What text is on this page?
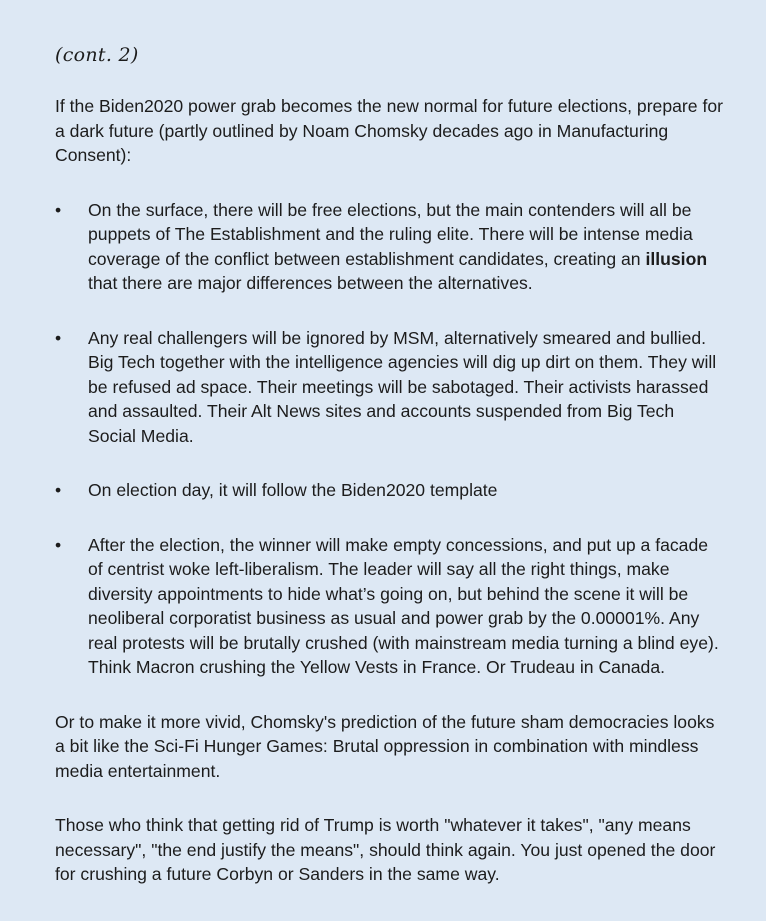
(cont. 2)

If the Biden2020 power grab becomes the new normal for future elections, prepare for a dark future (partly outlined by Noam Chomsky decades ago in Manufacturing Consent):

• On the surface, there will be free elections, but the main contenders will all be puppets of The Establishment and the ruling elite. There will be intense media coverage of the conflict between establishment candidates, creating an illusion that there are major differences between the alternatives.
• Any real challengers will be ignored by MSM, alternatively smeared and bullied. Big Tech together with the intelligence agencies will dig up dirt on them. They will be refused ad space. Their meetings will be sabotaged. Their activists harassed and assaulted. Their Alt News sites and accounts suspended from Big Tech Social Media.
• On election day, it will follow the Biden2020 template
• After the election, the winner will make empty concessions, and put up a facade of centrist woke left-liberalism. The leader will say all the right things, make diversity appointments to hide what’s going on, but behind the scene it will be neoliberal corporatist business as usual and power grab by the 0.00001%. Any real protests will be brutally crushed (with mainstream media turning a blind eye). Think Macron crushing the Yellow Vests in France. Or Trudeau in Canada.

Or to make it more vivid, Chomsky's prediction of the future sham democracies looks a bit like the Sci-Fi Hunger Games: Brutal oppression in combination with mindless media entertainment.

Those who think that getting rid of Trump is worth "whatever it takes", "any means necessary", "the end justify the means", should think again. You just opened the door for crushing a future Corbyn or Sanders in the same way.
